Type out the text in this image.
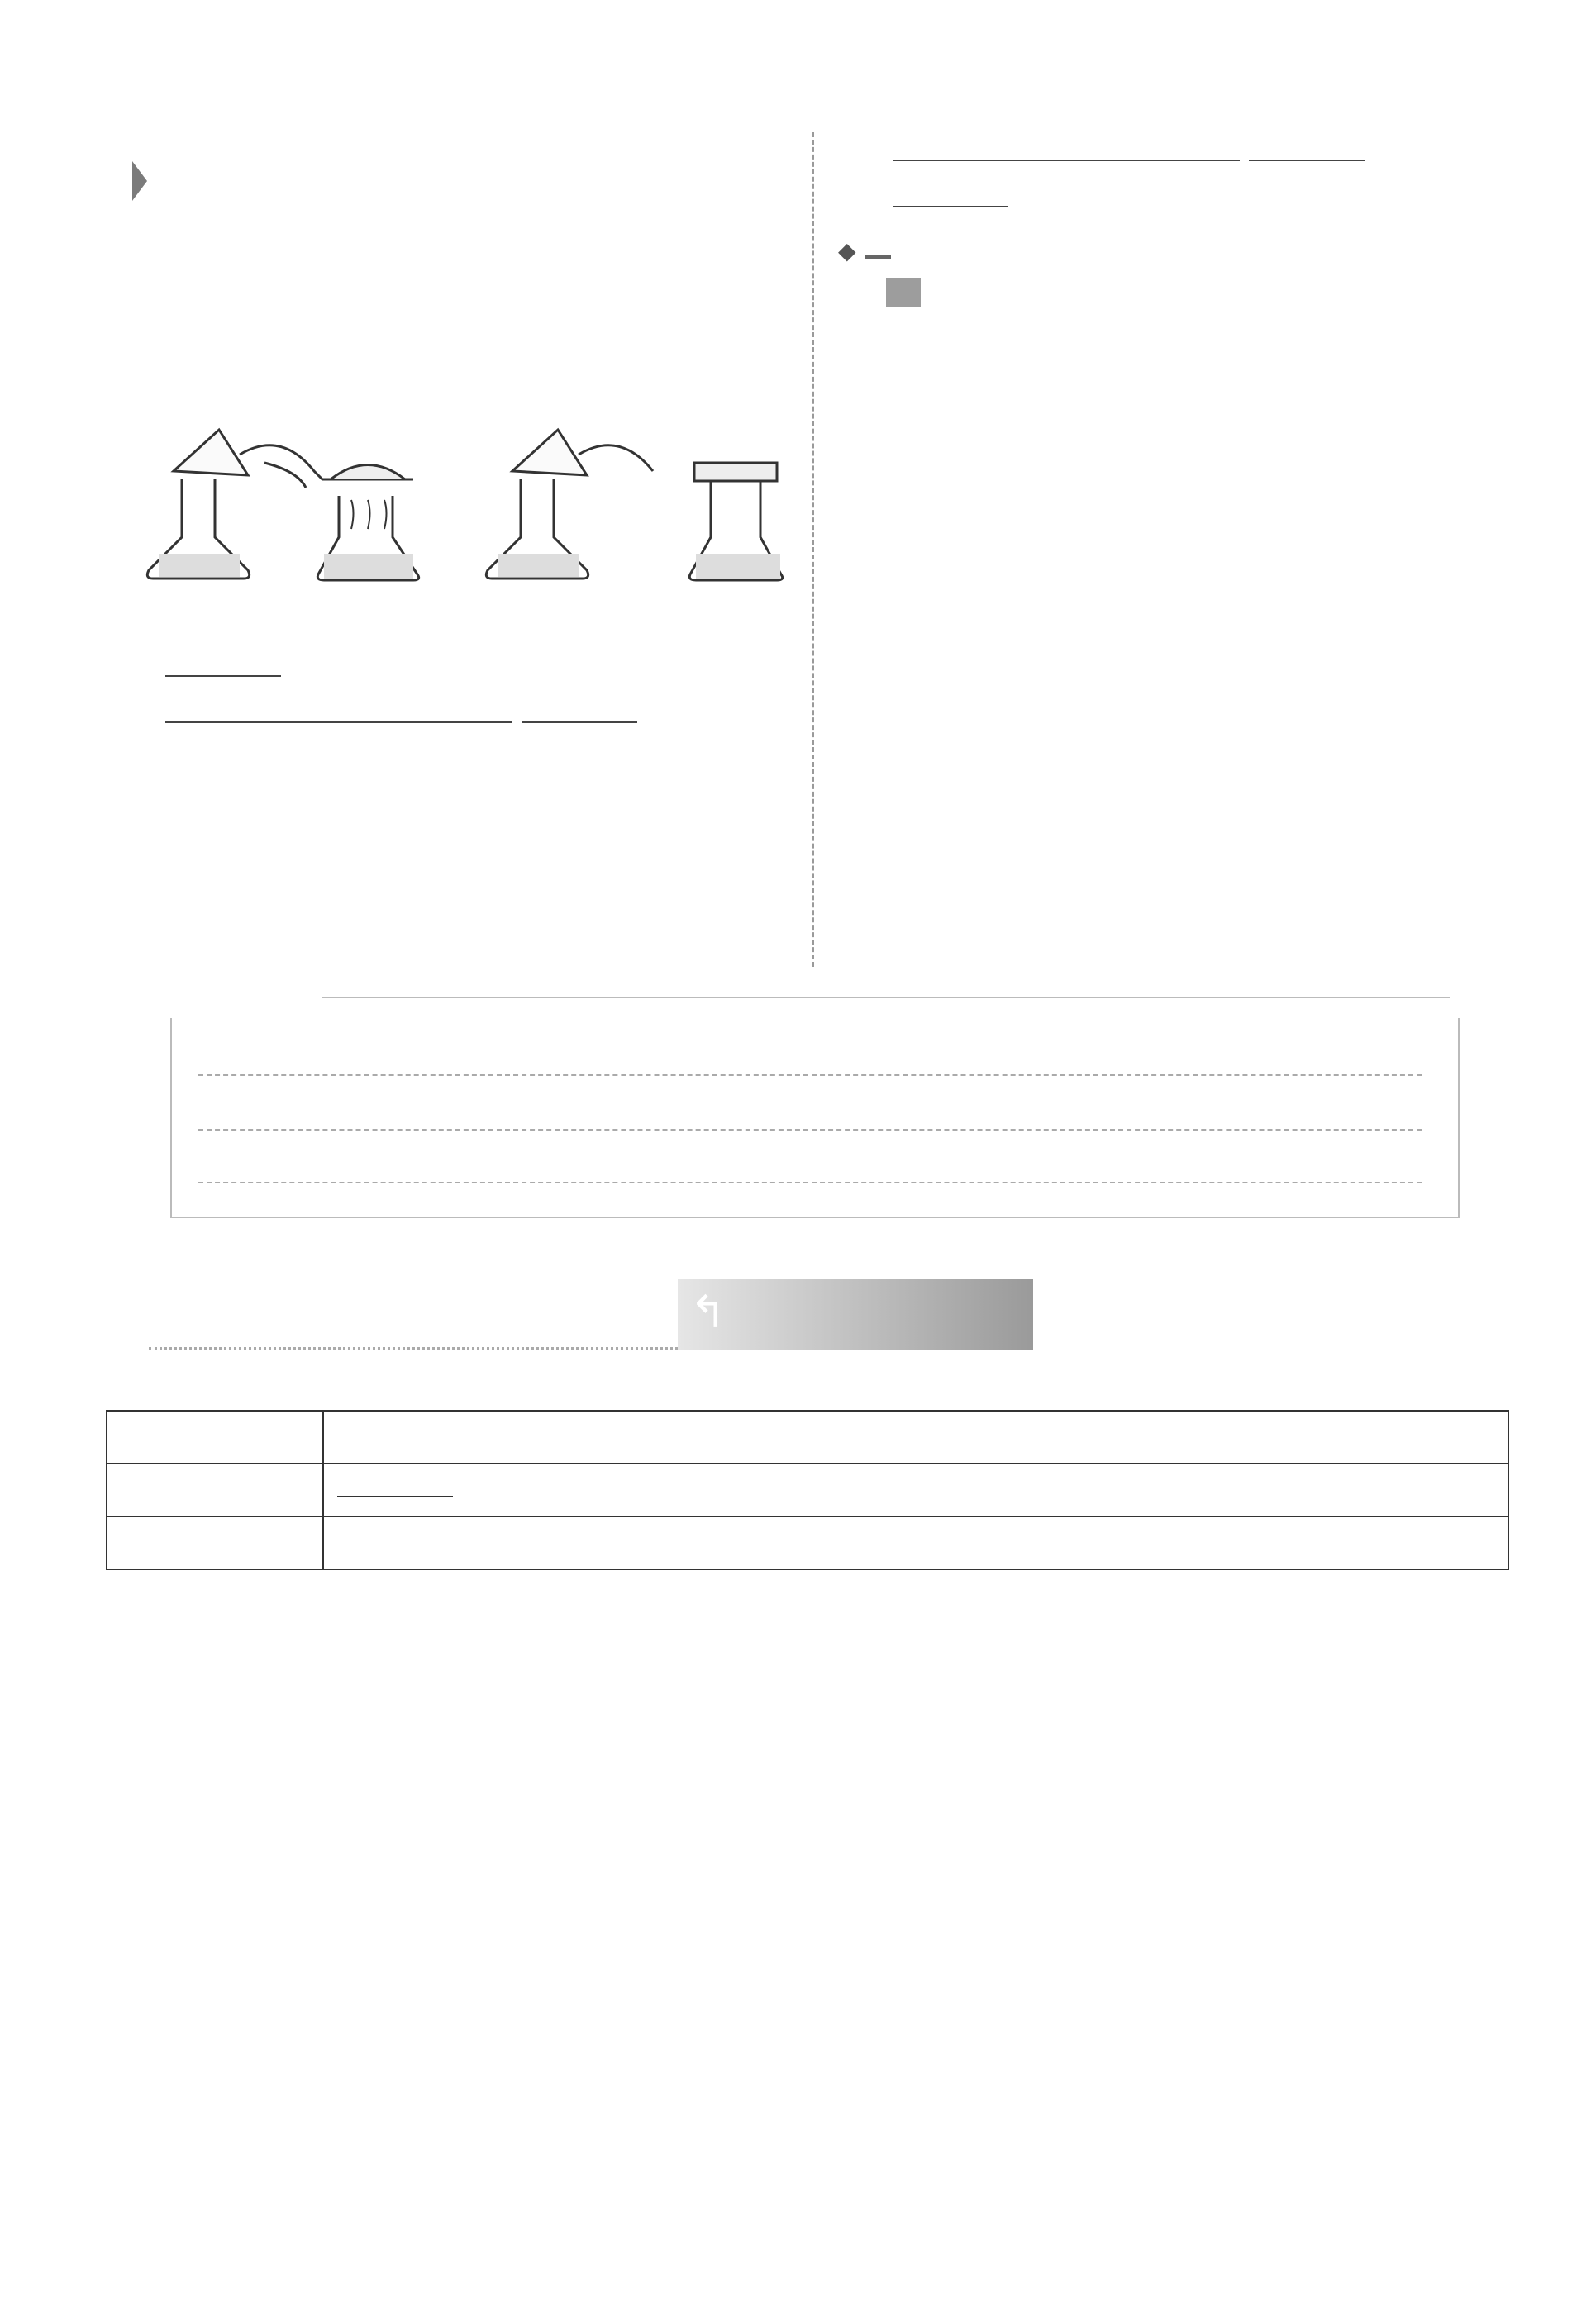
◆

↰
